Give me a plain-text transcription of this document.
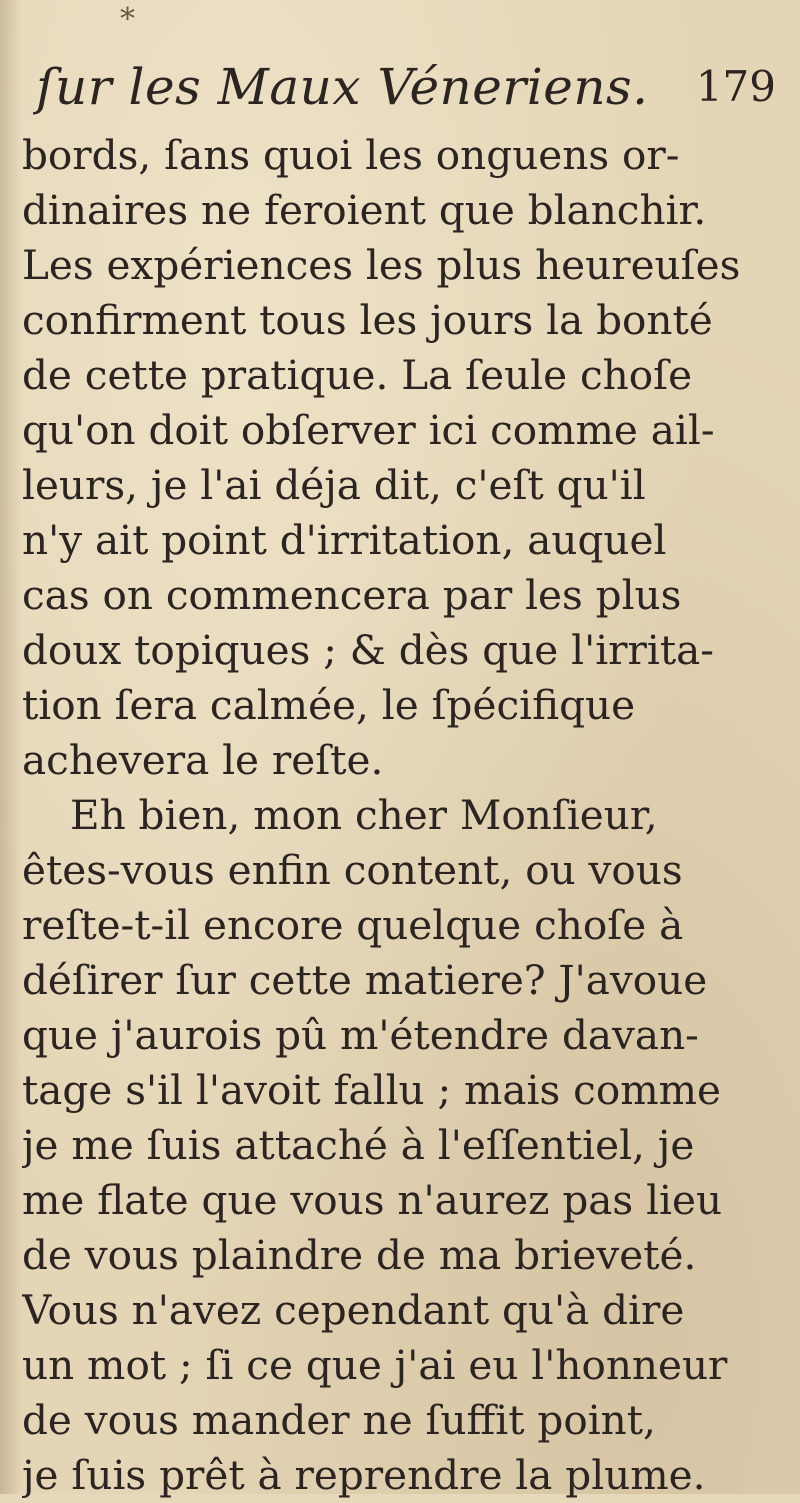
*
ſur les Maux Véneriens. 179
bords, ſans quoi les onguens or-
dinaires ne feroient que blanchir.
Les expériences les plus heureuſes
confirment tous les jours la bonté
de cette pratique. La ſeule choſe
qu'on doit obſerver ici comme ail-
leurs, je l'ai déja dit, c'eſt qu'il
n'y ait point d'irritation, auquel
cas on commencera par les plus
doux topiques ; & dès que l'irrita-
tion ſera calmée, le ſpécifique
achevera le reſte.
Eh bien, mon cher Monſieur,
êtes-vous enfin content, ou vous
reſte-t-il encore quelque choſe à
déſirer ſur cette matiere? J'avoue
que j'aurois pû m'étendre davan-
tage s'il l'avoit fallu ; mais comme
je me ſuis attaché à l'eſſentiel, je
me flate que vous n'aurez pas lieu
de vous plaindre de ma brieveté.
Vous n'avez cependant qu'à dire
un mot ; ſi ce que j'ai eu l'honneur
de vous mander ne ſuffit point,
je ſuis prêt à reprendre la plume.
